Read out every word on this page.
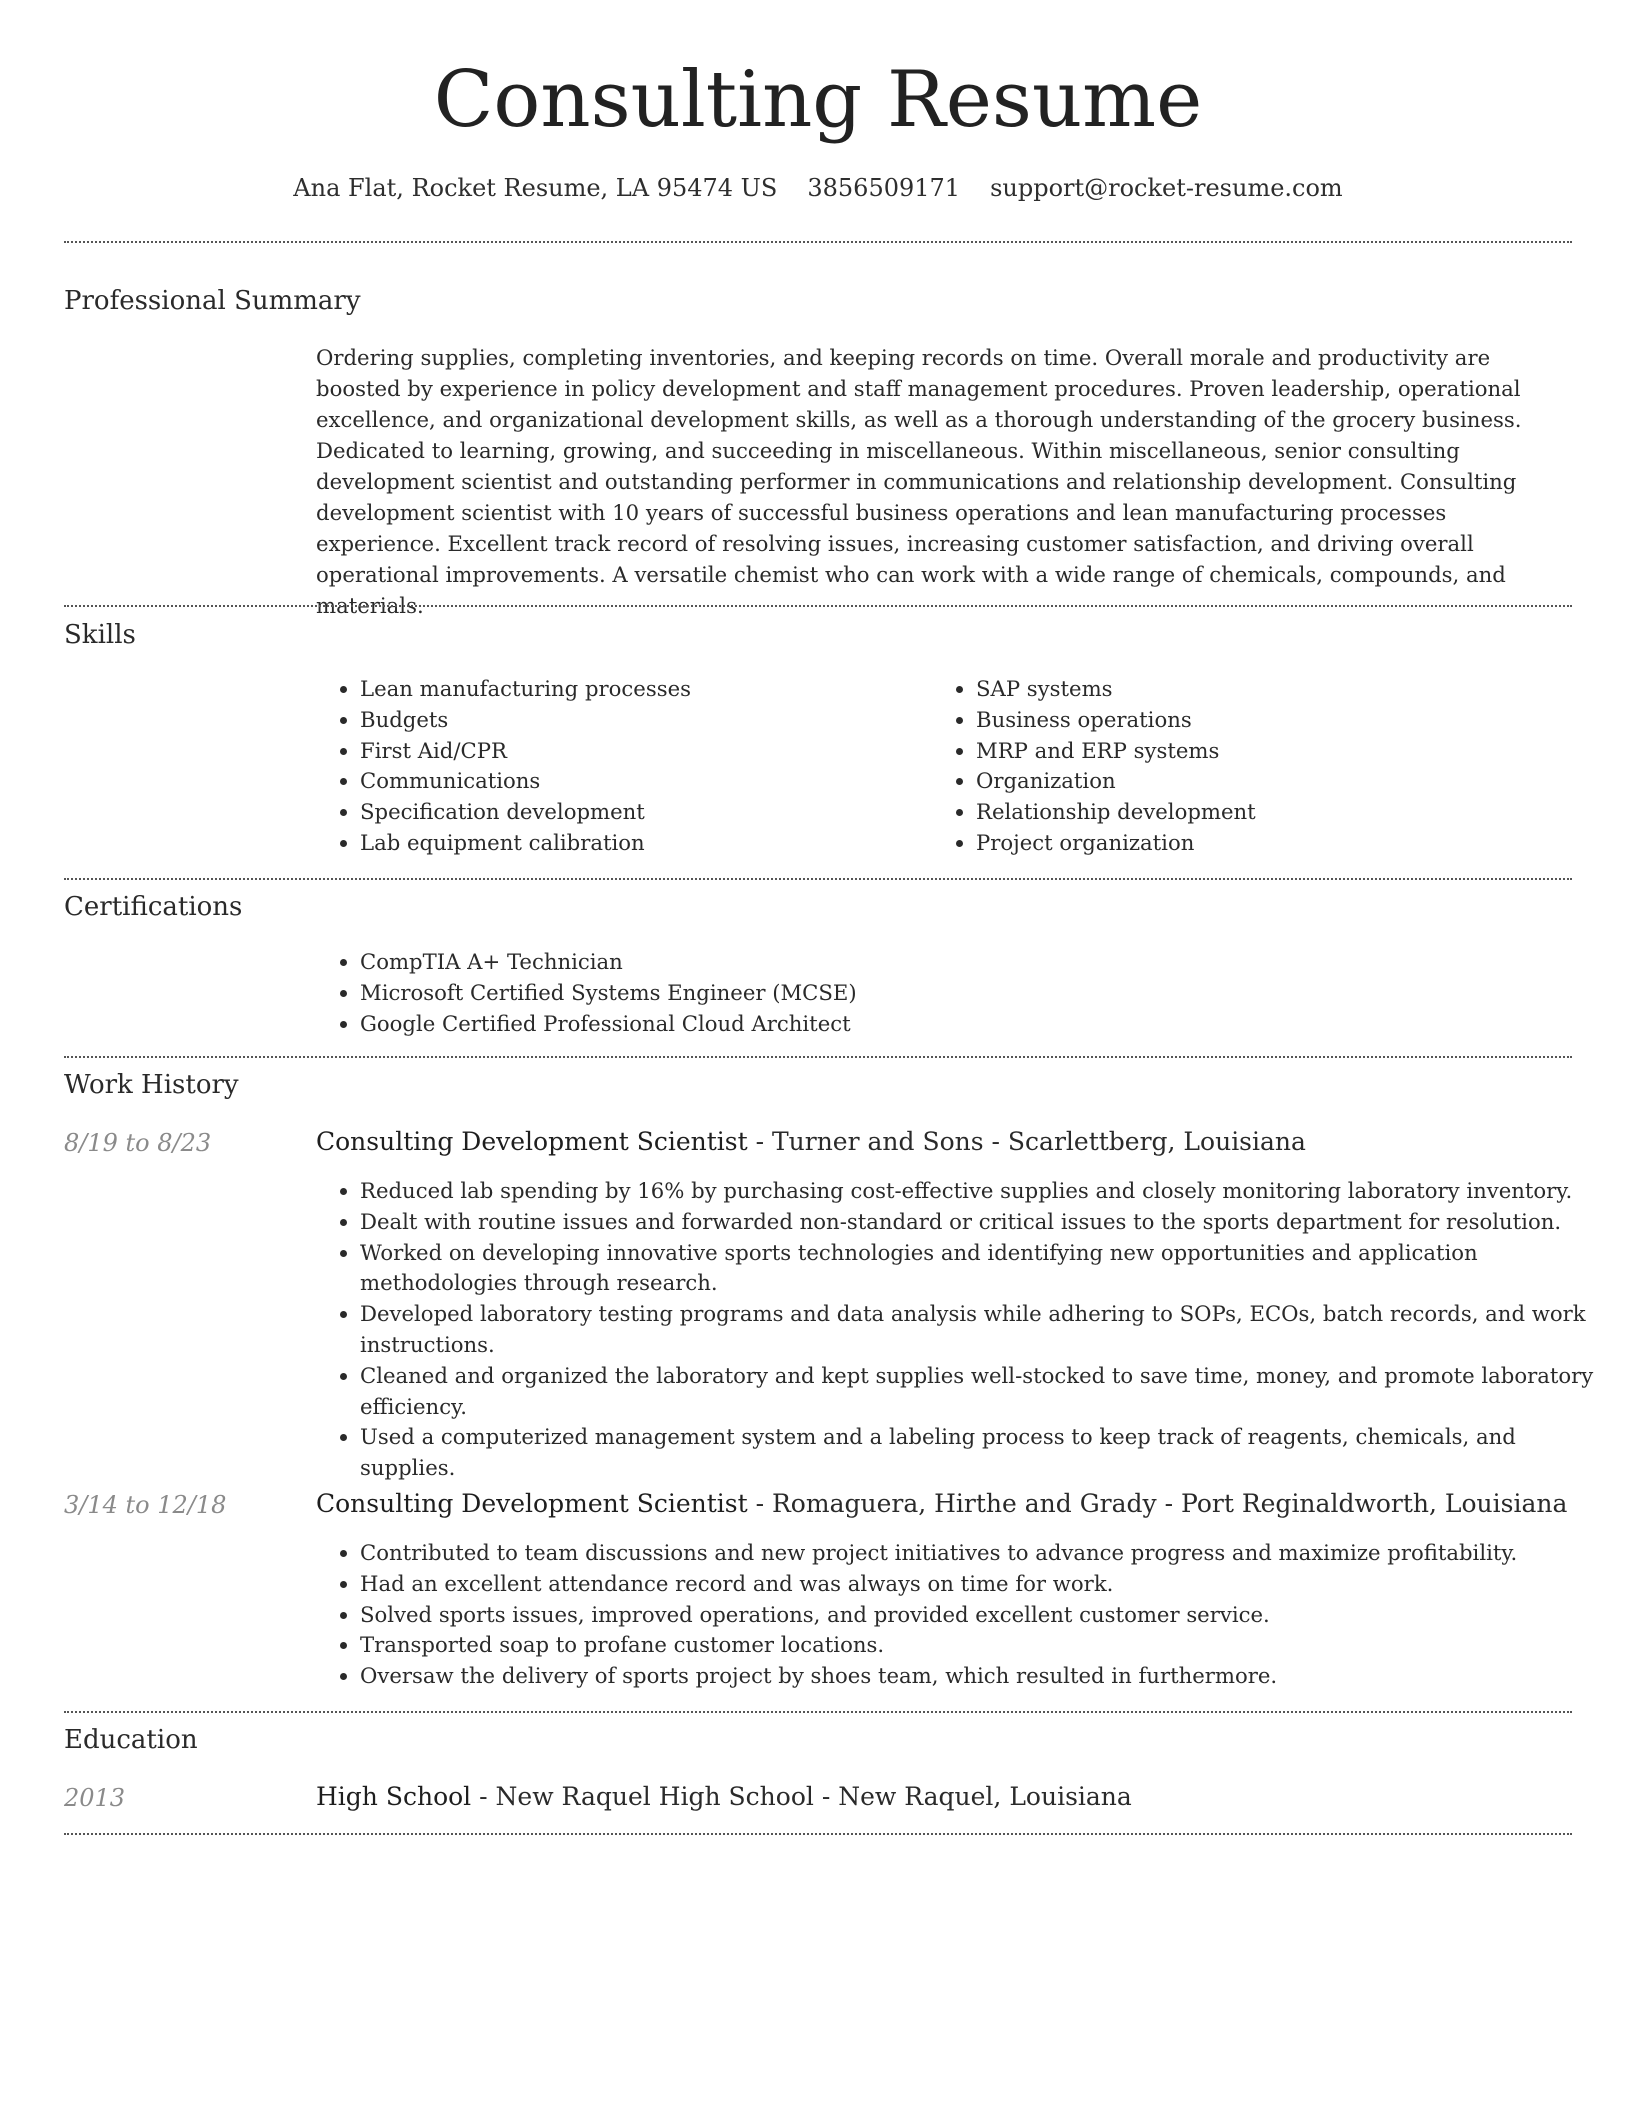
Consulting Resume
Ana Flat, Rocket Resume, LA 95474 US 3856509171 support@rocket-resume.com
Professional Summary

Ordering supplies, completing inventories, and keeping records on time. Overall morale and productivity are boosted by experience in policy development and staff management procedures. Proven leadership, operational excellence, and organizational development skills, as well as a thorough understanding of the grocery business. Dedicated to learning, growing, and succeeding in miscellaneous. Within miscellaneous, senior consulting development scientist and outstanding performer in communications and relationship development. Consulting development scientist with 10 years of successful business operations and lean manufacturing processes experience. Excellent track record of resolving issues, increasing customer satisfaction, and driving overall operational improvements. A versatile chemist who can work with a wide range of chemicals, compounds, and materials.

Skills
• Lean manufacturing processes
• Budgets
• First Aid/CPR
• Communications
• Specification development
• Lab equipment calibration
• SAP systems
• Business operations
• MRP and ERP systems
• Organization
• Relationship development
• Project organization
Certifications
• CompTIA A+ Technician
• Microsoft Certified Systems Engineer (MCSE)
• Google Certified Professional Cloud Architect
Work History
8/19 to 8/23	Consulting Development Scientist - Turner and Sons - Scarlettberg, Louisiana
• Reduced lab spending by 16% by purchasing cost-effective supplies and closely monitoring laboratory inventory.
• Dealt with routine issues and forwarded non-standard or critical issues to the sports department for resolution.
• Worked on developing innovative sports technologies and identifying new opportunities and application methodologies through research.
• Developed laboratory testing programs and data analysis while adhering to SOPs, ECOs, batch records, and work instructions.
• Cleaned and organized the laboratory and kept supplies well-stocked to save time, money, and promote laboratory efficiency.
• Used a computerized management system and a labeling process to keep track of reagents, chemicals, and supplies.
3/14 to 12/18	Consulting Development Scientist - Romaguera, Hirthe and Grady - Port Reginaldworth, Louisiana
• Contributed to team discussions and new project initiatives to advance progress and maximize profitability.
• Had an excellent attendance record and was always on time for work.
• Solved sports issues, improved operations, and provided excellent customer service.
• Transported soap to profane customer locations.
• Oversaw the delivery of sports project by shoes team, which resulted in furthermore.
Education
2013	High School - New Raquel High School - New Raquel, Louisiana
